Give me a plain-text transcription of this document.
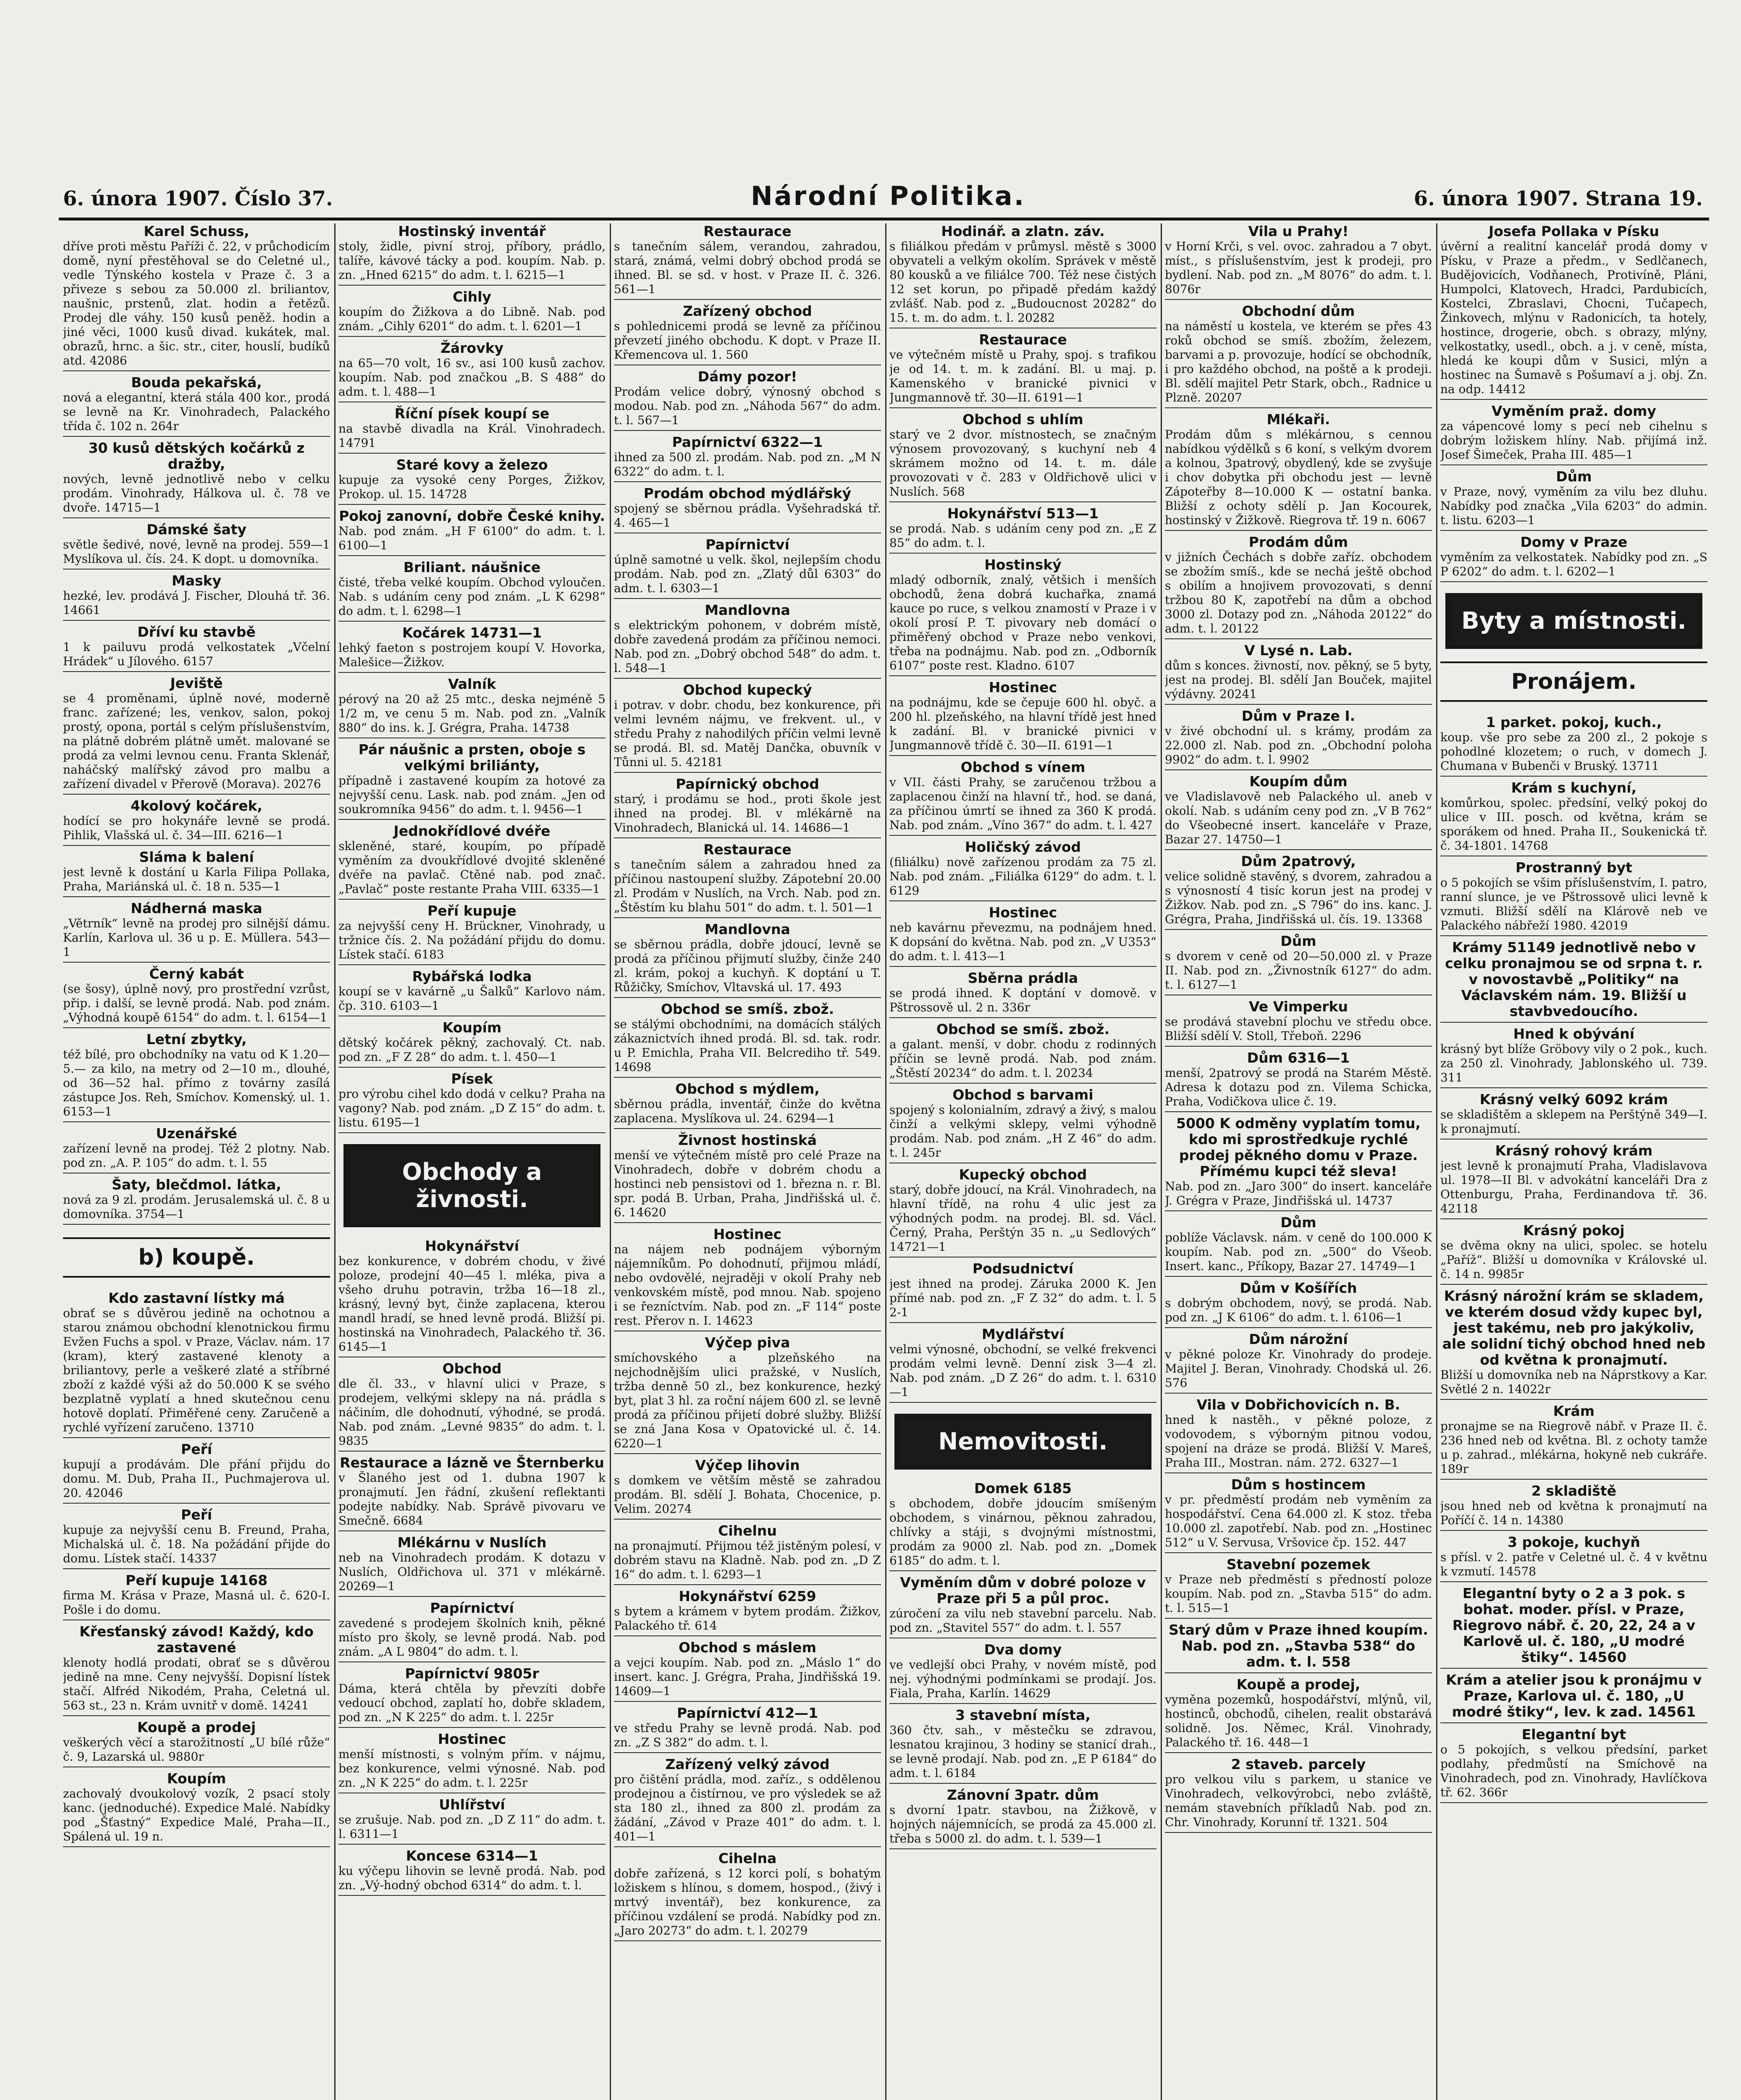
6. února 1907. Číslo 37.	Národní Politika.	6. února 1907. Strana 19.
Karel Schuss,

dříve proti městu Paříži č. 22, v průchodicím domě, nyní přestěhoval se do Celetné ul., vedle Týnského kostela v Praze č. 3 a přiveze s sebou za 50.000 zl. briliantov, naušnic, prstenů, zlat. hodin a řetězů. Prodej dle váhy. 150 kusů peněž. hodin a jiné věci, 1000 kusů divad. kukátek, mal. obrazů, hrnc. a šic. str., citer, houslí, budíků atd. 42086

Bouda pekařská,

nová a elegantní, která stála 400 kor., prodá se levně na Kr. Vinohradech, Palackého třída č. 102 n. 264r

30 kusů dětských kočárků z dražby,

nových, levně jednotlivě nebo v celku prodám. Vinohrady, Hálkova ul. č. 78 ve dvoře. 14715—1

Dámské šaty

světle šedivé, nové, levně na prodej. 559—1 Myslíkova ul. čís. 24. K dopt. u domovníka.

Masky

hezké, lev. prodává J. Fischer, Dlouhá tř. 36. 14661

Dříví ku stavbě

1 k pailuvu prodá velkostatek „Včelní Hrádek“ u Jílového. 6157

Jeviště

se 4 proměnami, úplně nové, moderně franc. zařízené; les, venkov, salon, pokoj prostý, opona, portál s celým příslušenstvím, na plátně dobrém plátně umět. malované se prodá za velmi levnou cenu. Franta Sklenář, naháčský malířský závod pro malbu a zařízení divadel v Přerově (Morava). 20276

4kolový kočárek,

hodící se pro hokynáře levně se prodá. Pihlik, Vlašská ul. č. 34—III. 6216—1

Sláma k balení

jest levně k dostání u Karla Filipa Pollaka, Praha, Mariánská ul. č. 18 n. 535—1

Nádherná maska

„Větrník“ levně na prodej pro silnější dámu. Karlín, Karlova ul. 36 u p. E. Müllera. 543—1

Černý kabát

(se šosy), úplně nový, pro prostřední vzrůst, přip. i další, se levně prodá. Nab. pod znám. „Výhodná koupě 6154“ do adm. t. l. 6154—1

Letní zbytky,

též bílé, pro obchodníky na vatu od K 1.20—5.— za kilo, na metry od 2—10 m., dlouhé, od 36—52 hal. přímo z továrny zasílá zástupce Jos. Reh, Smíchov. Komenský. ul. 1. 6153—1

Uzenářské

zařízení levně na prodej. Též 2 plotny. Nab. pod zn. „A. P. 105“ do adm. t. l. 55

Šaty, blečdmol. látka,

nová za 9 zl. prodám. Jerusalemská ul. č. 8 u domovníka. 3754—1

b) koupě.
Kdo zastavní lístky má

obrať se s důvěrou jedině na ochotnou a starou známou obchodní klenotnickou firmu Evžen Fuchs a spol. v Praze, Václav. nám. 17 (kram), který zastavené klenoty a briliantovy, perle a veškeré zlaté a stříbrné zboží z každé výši až do 50.000 K se svého bezplatně vyplatí a hned skutečnou cenu hotově doplatí. Přiměřené ceny. Zaručeně a rychlé vyřízení zaručeno. 13710

Peří

kupují a prodávám. Dle přání přijdu do domu. M. Dub, Praha II., Puchmajerova ul. 20. 42046

Peří

kupuje za nejvyšší cenu B. Freund, Praha, Michalská ul. č. 18. Na požádání přijde do domu. Lístek stačí. 14337

Peří kupuje 14168

firma M. Krása v Praze, Masná ul. č. 620-I. Pošle i do domu.

Křesťanský závod! Každý, kdo zastavené

klenoty hodlá prodati, obrať se s důvěrou jedině na mne. Ceny nejvyšší. Dopisní lístek stačí. Alfréd Nikodém, Praha, Celetná ul. 563 st., 23 n. Krám uvnitř v domě. 14241

Koupě a prodej

veškerých věcí a starožitností „U bílé růže“ č. 9, Lazarská ul. 9880r

Koupím

zachovalý dvoukolový vozík, 2 psací stoly kanc. (jednoduché). Expedice Malé. Nabídky pod „Šťastný“ Expedice Malé, Praha—II., Spálená ul. 19 n.

Hostinský inventář

stoly, židle, pivní stroj, příbory, prádlo, talíře, kávové tácky a pod. koupím. Nab. p. zn. „Hned 6215“ do adm. t. l. 6215—1

Cihly

koupím do Žižkova a do Libně. Nab. pod znám. „Cihly 6201“ do adm. t. l. 6201—1

Žárovky

na 65—70 volt, 16 sv., asi 100 kusů zachov. koupím. Nab. pod značkou „B. S 488“ do adm. t. l. 488—1

Říční písek koupí se

na stavbě divadla na Král. Vinohradech. 14791

Staré kovy a železo

kupuje za vysoké ceny Porges, Žižkov, Prokop. ul. 15. 14728

Pokoj zanovní, dobře České knihy.

Nab. pod znám. „H F 6100“ do adm. t. l. 6100—1

Briliant. náušnice

čisté, třeba velké koupím. Obchod vyloučen. Nab. s udáním ceny pod znám. „L K 6298“ do adm. t. l. 6298—1

Kočárek 14731—1

lehký faeton s postrojem koupí V. Hovorka, Malešice—Žižkov.

Valník

pérový na 20 až 25 mtc., deska nejméně 5 1/2 m, ve cenu 5 m. Nab. pod zn. „Valník 880“ do ins. k. J. Grégra, Praha. 14738

Pár náušnic a prsten, oboje s velkými briliánty,

případně i zastavené koupím za hotové za nejvyšší cenu. Lask. nab. pod znám. „Jen od soukromníka 9456“ do adm. t. l. 9456—1

Jednokřídlové dvéře

skleněné, staré, koupím, po případě vyměním za dvoukřídlové dvojité skleněné dvéře na pavlač. Ctěné nab. pod znač. „Pavlač“ poste restante Praha VIII. 6335—1

Peří kupuje

za nejvyšší ceny H. Brückner, Vinohrady, u tržnice čís. 2. Na požádání přijdu do domu. Lístek stačí. 6183

Rybářská lodka

koupí se v kavárně „u Šalků“ Karlovo nám. čp. 310. 6103—1

Koupím

dětský kočárek pěkný, zachovalý. Ct. nab. pod zn. „F Z 28“ do adm. t. l. 450—1

Písek

pro výrobu cihel kdo dodá v celku? Praha na vagony? Nab. pod znám. „D Z 15“ do adm. t. listu. 6195—1

Obchody a živnosti.
Hokynářství

bez konkurence, v dobrém chodu, v živé poloze, prodejní 40—45 l. mléka, piva a všeho druhu potravin, tržba 16—18 zl., krásný, levný byt, činže zaplacena, kterou mandl hradí, se hned levně prodá. Bližší pi. hostinská na Vinohradech, Palackého tř. 36. 6145—1

Obchod

dle čl. 33., v hlavní ulici v Praze, s prodejem, velkými sklepy na ná. prádla s náčiním, dle dohodnutí, výhodné, se prodá. Nab. pod znám. „Levné 9835“ do adm. t. l. 9835

Restaurace a lázně ve Šternberku

v Šlaného jest od 1. dubna 1907 k pronajmutí. Jen řádní, zkušení reflektanti podejte nabídky. Nab. Správě pivovaru ve Smečně. 6684

Mlékárnu v Nuslích

neb na Vinohradech prodám. K dotazu v Nuslích, Oldřichova ul. 371 v mlékárně. 20269—1

Papírnictví

zavedené s prodejem školních knih, pěkné místo pro školy, se levně prodá. Nab. pod znám. „A L 9804“ do adm. t. l.

Papírnictví 9805r

Dáma, která chtěla by převzíti dobře vedoucí obchod, zaplatí ho, dobře skladem, pod zn. „N K 225“ do adm. t. l. 225r

Hostinec

menší místnosti, s volným přím. v nájmu, bez konkurence, velmi výnosné. Nab. pod zn. „N K 225“ do adm. t. l. 225r

Uhlířství

se zrušuje. Nab. pod zn. „D Z 11“ do adm. t. l. 6311—1

Koncese 6314—1

ku výčepu lihovin se levně prodá. Nab. pod zn. „Vý-hodný obchod 6314“ do adm. t. l.

Restaurace

s tanečním sálem, verandou, zahradou, stará, známá, velmi dobrý obchod prodá se ihned. Bl. se sd. v host. v Praze II. č. 326. 561—1

Zařízený obchod

s pohlednicemi prodá se levně za příčinou převzetí jiného obchodu. K dopt. v Praze II. Křemencova ul. 1. 560

Dámy pozor!

Prodám velice dobrý, výnosný obchod s modou. Nab. pod zn. „Náhoda 567“ do adm. t. l. 567—1

Papírnictví 6322—1

ihned za 500 zl. prodám. Nab. pod zn. „M N 6322“ do adm. t. l.

Prodám obchod mýdlářský

spojený se sběrnou prádla. Vyšehradská tř. 4. 465—1

Papírnictví

úplně samotné u velk. škol, nejlepším chodu prodám. Nab. pod zn. „Zlatý důl 6303“ do adm. t. l. 6303—1

Mandlovna

s elektrickým pohonem, v dobrém místě, dobře zavedená prodám za příčinou nemoci. Nab. pod zn. „Dobrý obchod 548“ do adm. t. l. 548—1

Obchod kupecký

i potrav. v dobr. chodu, bez konkurence, při velmi levném nájmu, ve frekvent. ul., v středu Prahy z nahodilých příčin velmi levně se prodá. Bl. sd. Matěj Dančka, obuvník v Tůnni ul. 5. 42181

Papírnický obchod

starý, i prodámu se hod., proti škole jest ihned na prodej. Bl. v mlékárně na Vinohradech, Blanická ul. 14. 14686—1

Restaurace

s tanečním sálem a zahradou hned za příčinou nastoupení služby. Zápotební 20.00 zl. Prodám v Nuslích, na Vrch. Nab. pod zn. „Štěstím ku blahu 501“ do adm. t. l. 501—1

Mandlovna

se sběrnou prádla, dobře jdoucí, levně se prodá za příčinou přijmutí služby, činže 240 zl. krám, pokoj a kuchyň. K doptání u T. Růžičky, Smíchov, Vltavská ul. 17. 493

Obchod se smíš. zbož.

se stálými obchodními, na domácích stálých zákaznictvích ihned prodá. Bl. sd. tak. rodr. u P. Emichla, Praha VII. Belcrediho tř. 549. 14698

Obchod s mýdlem,

sběrnou prádla, inventář, činže do května zaplacena. Myslíkova ul. 24. 6294—1

Živnost hostinská

menší ve výtečném místě pro celé Praze na Vinohradech, dobře v dobrém chodu a hostinci neb pensistovi od 1. března n. r. Bl. spr. podá B. Urban, Praha, Jindřišská ul. č. 6. 14620

Hostinec

na nájem neb podnájem výborným nájemníkům. Po dohodnutí, přijmou mládí, nebo ovdovělé, nejraději v okolí Prahy neb venkovském místě, pod mnou. Nab. spojeno i se řezníctvím. Nab. pod zn. „F 114“ poste rest. Přerov n. I. 14623

Výčep piva

smíchovského a plzeňského na nejchodnějším ulici pražské, v Nuslích, tržba denně 50 zl., bez konkurence, hezký byt, plat 3 hl. za roční nájem 600 zl. se levně prodá za příčinou přijetí dobré služby. Bližší se zná Jana Kosa v Opatovické ul. č. 14. 6220—1

Výčep lihovin

s domkem ve větším městě se zahradou prodám. Bl. sdělí J. Bohata, Chocenice, p. Velim. 20274

Cihelnu

na pronajmutí. Přijmou též jistěným polesí, v dobrém stavu na Kladně. Nab. pod zn. „D Z 16“ do adm. t. l. 6293—1

Hokynářství 6259

s bytem a krámem v bytem prodám. Žižkov, Palackého tř. 614

Obchod s máslem

a vejci koupím. Nab. pod zn. „Máslo 1“ do insert. kanc. J. Grégra, Praha, Jindřišská 19. 14609—1

Papírnictví 412—1

ve středu Prahy se levně prodá. Nab. pod zn. „Z S 382“ do adm. t. l.

Zařízený velký závod

pro čištění prádla, mod. zaříz., s oddělenou prodejnou a čistírnou, ve pro výsledek se až sta 180 zl., ihned za 800 zl. prodám za žádání, „Závod v Praze 401“ do adm. t. l. 401—1

Cihelna

dobře zařízená, s 12 korci polí, s bohatým ložiskem s hlínou, s domem, hospod., (živý i mrtvý inventář), bez konkurence, za příčinou vzdálení se prodá. Nabídky pod zn. „Jaro 20273“ do adm. t. l. 20279

Hodinář. a zlatn. záv.

s filiálkou předám v průmysl. městě s 3000 obyvateli a velkým okolím. Správek v městě 80 kousků a ve filiálce 700. Též nese čistých 12 set korun, po připadě předám každý zvlášť. Nab. pod z. „Budoucnost 20282“ do 15. t. m. do adm. t. l. 20282

Restaurace

ve výtečném místě u Prahy, spoj. s trafikou je od 14. t. m. k zadání. Bl. u maj. p. Kamenského v branické pivnici v Jungmannově tř. 30—II. 6191—1

Obchod s uhlím

starý ve 2 dvor. místnostech, se značným výnosem provozovaný, s kuchyní neb 4 skrámem možno od 14. t. m. dále provozovati v č. 283 v Oldřichově ulici v Nuslích. 568

Hokynářství 513—1

se prodá. Nab. s udáním ceny pod zn. „E Z 85“ do adm. t. l.

Hostinský

mladý odborník, znalý, většich i menších obchodů, žena dobrá kuchařka, znamá kauce po ruce, s velkou znamostí v Praze i v okolí prosí P. T. pivovary neb domácí o přiměřený obchod v Praze nebo venkovi, třeba na podnájmu. Nab. pod zn. „Odborník 6107“ poste rest. Kladno. 6107

Hostinec

na podnájmu, kde se čepuje 600 hl. obyč. a 200 hl. plzeňského, na hlavní třídě jest hned k zadání. Bl. v branické pivnici v Jungmannově třídě č. 30—II. 6191—1

Obchod s vínem

v VII. části Prahy, se zaručenou tržbou a zaplacenou činží na hlavní tř., hod. se daná, za příčinou úmrtí se ihned za 360 K prodá. Nab. pod znám. „Víno 367“ do adm. t. l. 427

Holičský závod

(filiálku) nově zařízenou prodám za 75 zl. Nab. pod znám. „Filiálka 6129“ do adm. t. l. 6129

Hostinec

neb kavárnu převezmu, na podnájem hned. K dopsání do května. Nab. pod zn. „V U353“ do adm. t. l. 413—1

Sběrna prádla

se prodá ihned. K doptání v domově. v Pštrossově ul. 2 n. 336r

Obchod se smíš. zbož.

a galant. menší, v dobr. chodu z rodinných příčin se levně prodá. Nab. pod znám. „Štěstí 20234“ do adm. t. l. 20234

Obchod s barvami

spojený s kolonialním, zdravý a živý, s malou činží a velkými sklepy, velmi výhodně prodám. Nab. pod znám. „H Z 46“ do adm. t. l. 245r

Kupecký obchod

starý, dobře jdoucí, na Král. Vinohradech, na hlavní třídě, na rohu 4 ulic jest za výhodných podm. na prodej. Bl. sd. Václ. Černý, Praha, Perštýn 35 n. „u Sedlových“ 14721—1

Podsudnictví

jest ihned na prodej. Záruka 2000 K. Jen přímé nab. pod zn. „F Z 32“ do adm. t. l. 5 2-1

Mydlářství

velmi výnosné, obchodní, se velké frekvenci prodám velmi levně. Denní zisk 3—4 zl. Nab. pod znám. „D Z 26“ do adm. t. l. 6310—1

Nemovitosti.
Domek 6185

s obchodem, dobře jdoucím smíšeným obchodem, s vinárnou, pěknou zahradou, chlívky a stáji, s dvojnými místnostmi, prodám za 9000 zl. Nab. pod zn. „Domek 6185“ do adm. t. l.

Vyměním dům v dobré poloze v Praze při 5 a půl proc.

zúročení za vilu neb stavební parcelu. Nab. pod zn. „Stavitel 557“ do adm. t. l. 557

Dva domy

ve vedlejší obci Prahy, v novém místě, pod nej. výhodnými podmínkami se prodají. Jos. Fiala, Praha, Karlín. 14629

3 stavební místa,

360 čtv. sah., v městečku se zdravou, lesnatou krajinou, 3 hodiny se stanicí drah., se levně prodají. Nab. pod zn. „E P 6184“ do adm. t. l. 6184

Zánovní 3patr. dům

s dvorní 1patr. stavbou, na Žižkově, v hojných nájemnících, se prodá za 45.000 zl. třeba s 5000 zl. do adm. t. l. 539—1

Vila u Prahy!

v Horní Krči, s vel. ovoc. zahradou a 7 obyt. míst., s příslušenstvím, jest k prodeji, pro bydlení. Nab. pod zn. „M 8076“ do adm. t. l. 8076r

Obchodní dům

na náměstí u kostela, ve kterém se přes 43 roků obchod se smíš. zbožím, železem, barvami a p. provozuje, hodící se obchodník, i pro každého obchod, na poště a k prodeji. Bl. sdělí majitel Petr Stark, obch., Radnice u Plzně. 20207

Mlékaři.

Prodám dům s mlékárnou, s cennou nabídkou výdělků s 6 koní, s velkým dvorem a kolnou, 3patrový, obydlený, kde se zvyšuje i chov dobytka při obchodu jest — levně Zápoteřby 8—10.000 K — ostatní banka. Bližší z ochoty sdělí p. Jan Kocourek, hostinský v Žižkově. Riegrova tř. 19 n. 6067

Prodám dům

v jižních Čechách s dobře zaříz. obchodem se zbožím smíš., kde se nechá ještě obchod s obilím a hnojivem provozovati, s denní tržbou 80 K, zapotřebí na dům a obchod 3000 zl. Dotazy pod zn. „Náhoda 20122“ do adm. t. l. 20122

V Lysé n. Lab.

dům s konces. živností, nov. pěkný, se 5 byty, jest na prodej. Bl. sdělí Jan Bouček, majitel výdávny. 20241

Dům v Praze I.

v živé obchodní ul. s krámy, prodám za 22.000 zl. Nab. pod zn. „Obchodní poloha 9902“ do adm. t. l. 9902

Koupím dům

ve Vladislavově neb Palackého ul. aneb v okolí. Nab. s udáním ceny pod zn. „V B 762“ do Všeobecné insert. kanceláře v Praze, Bazar 27. 14750—1

Dům 2patrový,

velice solidně stavěný, s dvorem, zahradou a s výnosností 4 tisíc korun jest na prodej v Žižkov. Nab. pod zn. „S 796“ do ins. kanc. J. Grégra, Praha, Jindřišská ul. čís. 19. 13368

Dům

s dvorem v ceně od 20—50.000 zl. v Praze II. Nab. pod zn. „Živnostník 6127“ do adm. t. l. 6127—1

Ve Vimperku

se prodává stavební plochu ve středu obce. Bližší sdělí V. Stoll, Třeboň. 2296

Dům 6316—1

menší, 2patrový se prodá na Starém Městě. Adresa k dotazu pod zn. Vilema Schicka, Praha, Vodičkova ulice č. 19.

5000 K odměny vyplatím tomu, kdo mi sprostředkuje rychlé prodej pěkného domu v Praze. Přímému kupci též sleva!

Nab. pod zn. „Jaro 300“ do insert. kanceláře J. Grégra v Praze, Jindřišská ul. 14737

Dům

poblíže Václavsk. nám. v ceně do 100.000 K koupím. Nab. pod zn. „500“ do Všeob. Insert. kanc., Příkopy, Bazar 27. 14749—1

Dům v Košířích

s dobrým obchodem, nový, se prodá. Nab. pod zn. „J K 6106“ do adm. t. l. 6106—1

Dům nárožní

v pěkné poloze Kr. Vinohrady do prodeje. Majitel J. Beran, Vinohrady. Chodská ul. 26. 576

Vila v Dobřichovicích n. B.

hned k nastěh., v pěkné poloze, z vodovodem, s výborným pitnou vodou, spojení na dráze se prodá. Bližší V. Mareš, Praha III., Mostran. nám. 272. 6327—1

Dům s hostincem

v pr. předměstí prodám neb vyměním za hospodářství. Cena 64.000 zl. K stoz. třeba 10.000 zl. zapotřebí. Nab. pod zn. „Hostinec 512“ u V. Servusa, Vršovice čp. 152. 447

Stavební pozemek

v Praze neb předměstí s předností poloze koupím. Nab. pod zn. „Stavba 515“ do adm. t. l. 515—1

Starý dům v Praze ihned koupím. Nab. pod zn. „Stavba 538“ do adm. t. l. 558
Koupě a prodej,

vyměna pozemků, hospodářství, mlýnů, vil, hostinců, obchodů, cihelen, realit obstarává solidně. Jos. Němec, Král. Vinohrady, Palackého tř. 16. 448—1

2 staveb. parcely

pro velkou vilu s parkem, u stanice ve Vinohradech, velkovýrobci, nebo zvláště, nemám stavebních příkladů Nab. pod zn. Chr. Vinohrady, Korunní tř. 1321. 504

Josefa Pollaka v Písku

úvěrní a realitní kancelář prodá domy v Písku, v Praze a předm., v Sedlčanech, Budějovicích, Vodňanech, Protivíně, Pláni, Humpolci, Klatovech, Hradci, Pardubicích, Kostelci, Zbraslavi, Chocni, Tučapech, Žinkovech, mlýnu v Radonicích, ta hotely, hostince, drogerie, obch. s obrazy, mlýny, velkostatky, usedl., obch. a j. v ceně, místa, hledá ke koupi dům v Susici, mlýn a hostinec na Šumavě s Pošumaví a j. obj. Zn. na odp. 14412

Vyměním praž. domy

za vápencové lomy s pecí neb cihelnu s dobrým ložiskem hlíny. Nab. přijímá inž. Josef Šimeček, Praha III. 485—1

Dům

v Praze, nový, vyměním za vilu bez dluhu. Nabídky pod značka „Vila 6203“ do admin. t. listu. 6203—1

Domy v Praze

vyměním za velkostatek. Nabídky pod zn. „S P 6202“ do adm. t. l. 6202—1

Byty a místnosti.
Pronájem.
1 parket. pokoj, kuch.,

koup. vše pro sebe za 200 zl., 2 pokoje s pohodlné klozetem; o ruch, v domech J. Chumana v Bubenči v Bruský. 13711

Krám s kuchyní,

komůrkou, spolec. předsíní, velký pokoj do ulice v III. posch. od května, krám se sporákem od hned. Praha II., Soukenická tř. č. 34-1801. 14768

Prostranný byt

o 5 pokojích se všim příslušenstvím, I. patro, ranní slunce, je ve Pštrossově ulici levně k vzmuti. Bližší sdělí na Klárově neb ve Palackého nábřeží 1980. 42019

Krámy 51149 jednotlivě nebo v celku pronajmou se od srpna t. r. v novostavbě „Politiky“ na Václavském nám. 19. Bližší u stavbvedoucího.
Hned k obývání

krásný byt blíže Gröbovy vily o 2 pok., kuch. za 250 zl. Vinohrady, Jablonského ul. 739. 311

Krásný velký 6092 krám

se skladištěm a sklepem na Perštýně 349—I. k pronajmutí.

Krásný rohový krám

jest levně k pronajmutí Praha, Vladislavova ul. 1978—II Bl. v advokátní kanceláři Dra z Ottenburgu, Praha, Ferdinandova tř. 36. 42118

Krásný pokoj

se dvěma okny na ulici, spolec. se hotelu „Paříž“. Bližší u domovníka v Královské ul. č. 14 n. 9985r

Krásný nárožní krám se skladem, ve kterém dosud vždy kupec byl, jest takému, neb pro jakýkoliv, ale solidní tichý obchod hned neb od května k pronajmutí.

Bližší u domovníka neb na Náprstkovy a Kar. Světlé 2 n. 14022r

Krám

pronajme se na Riegrově nábř. v Praze II. č. 236 hned neb od května. Bl. z ochoty tamže u p. zahrad., mlékárna, hokyně neb cukráře. 189r

2 skladiště

jsou hned neb od května k pronajmutí na Poříčí č. 14 n. 14380

3 pokoje, kuchyň

s přísl. v 2. patře v Celetné ul. č. 4 v květnu k vzmutí. 14578

Elegantní byty o 2 a 3 pok. s bohat. moder. přísl. v Praze, Riegrovo nábř. č. 20, 22, 24 a v Karlově ul. č. 180, „U modré štiky“. 14560
Krám a atelier jsou k pronájmu v Praze, Karlova ul. č. 180, „U modré štiky“, lev. k zad. 14561
Elegantní byt

o 5 pokojích, s velkou předsíní, parket podlahy, předmůstí na Smíchově na Vinohradech, pod zn. Vinohrady, Havlíčkova tř. 62. 366r
